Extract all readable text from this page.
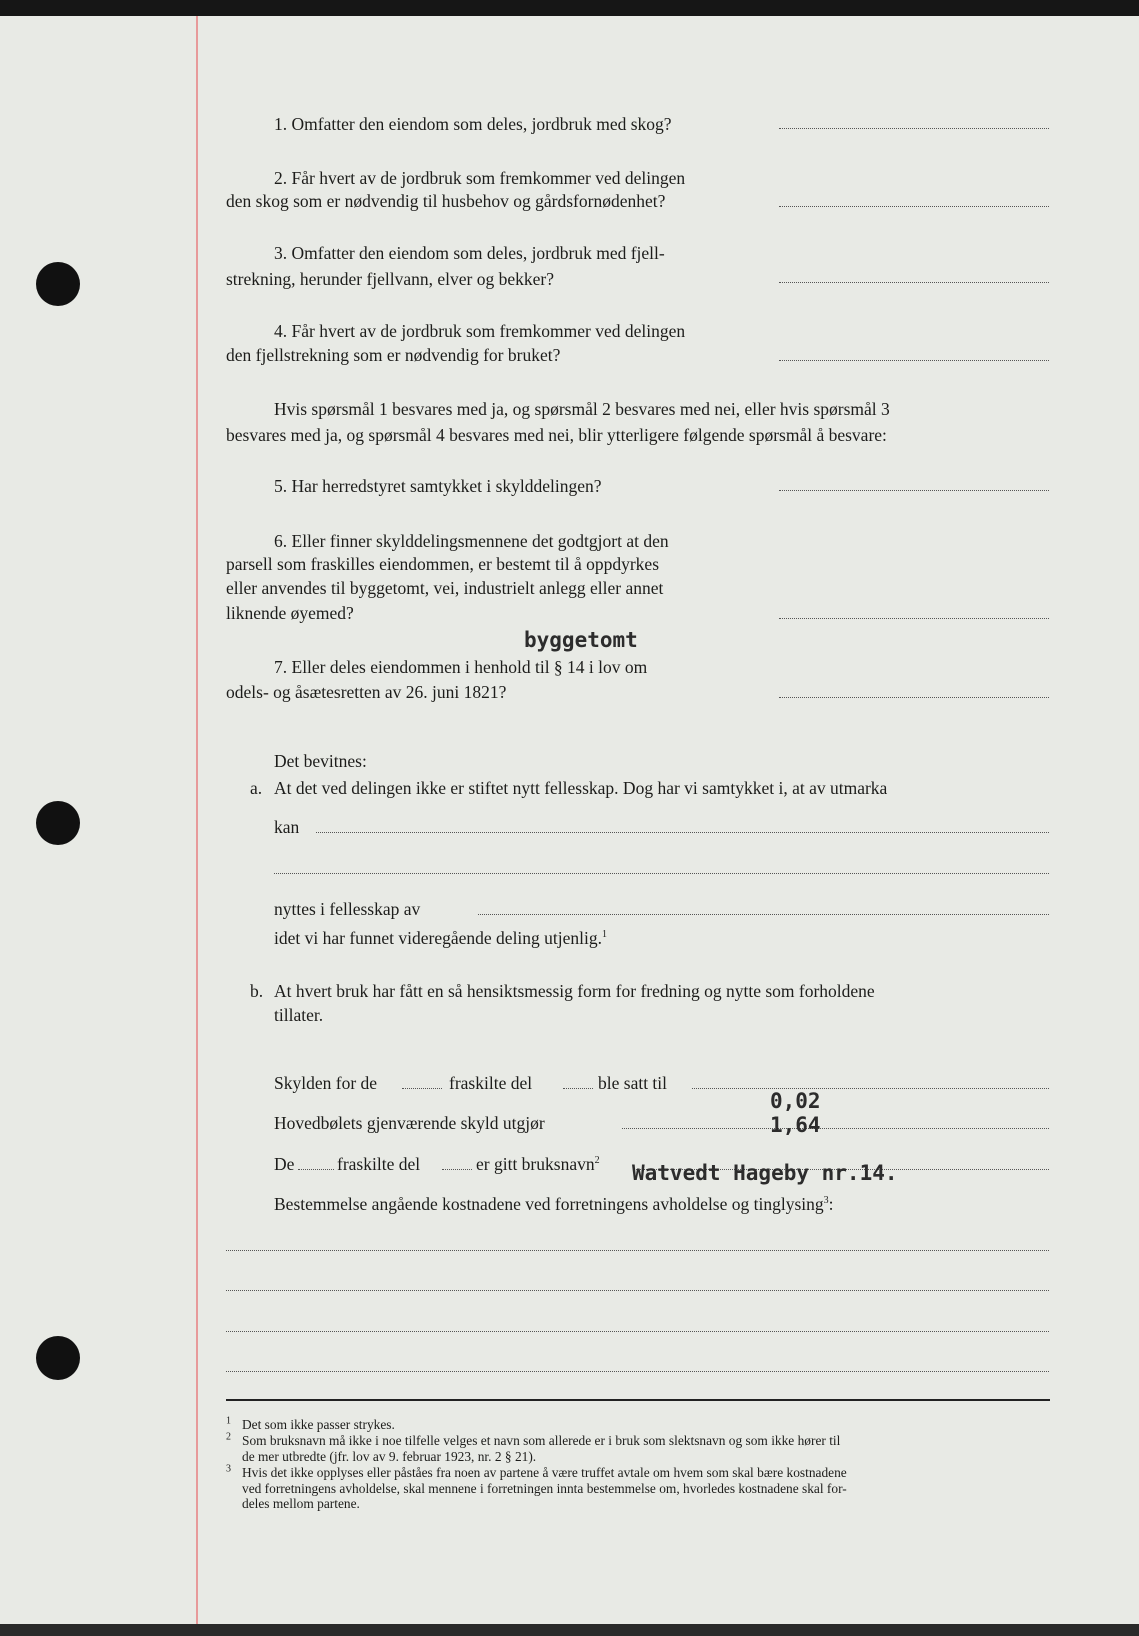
1. Omfatter den eiendom som deles, jordbruk med skog?
2. Får hvert av de jordbruk som fremkommer ved delingen
den skog som er nødvendig til husbehov og gårdsfornødenhet?
3. Omfatter den eiendom som deles, jordbruk med fjell-
strekning, herunder fjellvann, elver og bekker?
4. Får hvert av de jordbruk som fremkommer ved delingen
den fjellstrekning som er nødvendig for bruket?
Hvis spørsmål 1 besvares med ja, og spørsmål 2 besvares med nei, eller hvis spørsmål 3
besvares med ja, og spørsmål 4 besvares med nei, blir ytterligere følgende spørsmål å besvare:
5. Har herredstyret samtykket i skylddelingen?
6. Eller finner skylddelingsmennene det godtgjort at den
parsell som fraskilles eiendommen, er bestemt til å oppdyrkes
eller anvendes til byggetomt, vei, industrielt anlegg eller annet
liknende øyemed?
byggetomt
7. Eller deles eiendommen i henhold til § 14 i lov om
odels- og åsætesretten av 26. juni 1821?
Det bevitnes:
a. At det ved delingen ikke er stiftet nytt fellesskap. Dog har vi samtykket i, at av utmarka
kan
nyttes i fellesskap av
idet vi har funnet videregående deling utjenlig.$^1$
b. At hvert bruk har fått en så hensiktsmessig form for fredning og nytte som forholdene
tillater.
Skylden for de	fraskilte del	ble satt til
0,02
Hovedbølets gjenværende skyld utgjør	1,64
De fraskilte del	er gitt bruksnavn$^2$
Watvedt Hageby nr.14.
Bestemmelse angående kostnadene ved forretningens avholdelse og tinglysing$^3$:
$^1$ Det som ikke passer strykes.
$^2$ Som bruksnavn må ikke i noe tilfelle velges et navn som allerede er i bruk som slektsnavn og som ikke hører til
de mer utbredte (jfr. lov av 9. februar 1923, nr. 2 § 21).
$^3$ Hvis det ikke opplyses eller påståes fra noen av partene å være truffet avtale om hvem som skal bære kostnadene
ved forretningens avholdelse, skal mennene i forretningen innta bestemmelse om, hvorledes kostnadene skal for-
deles mellom partene.
